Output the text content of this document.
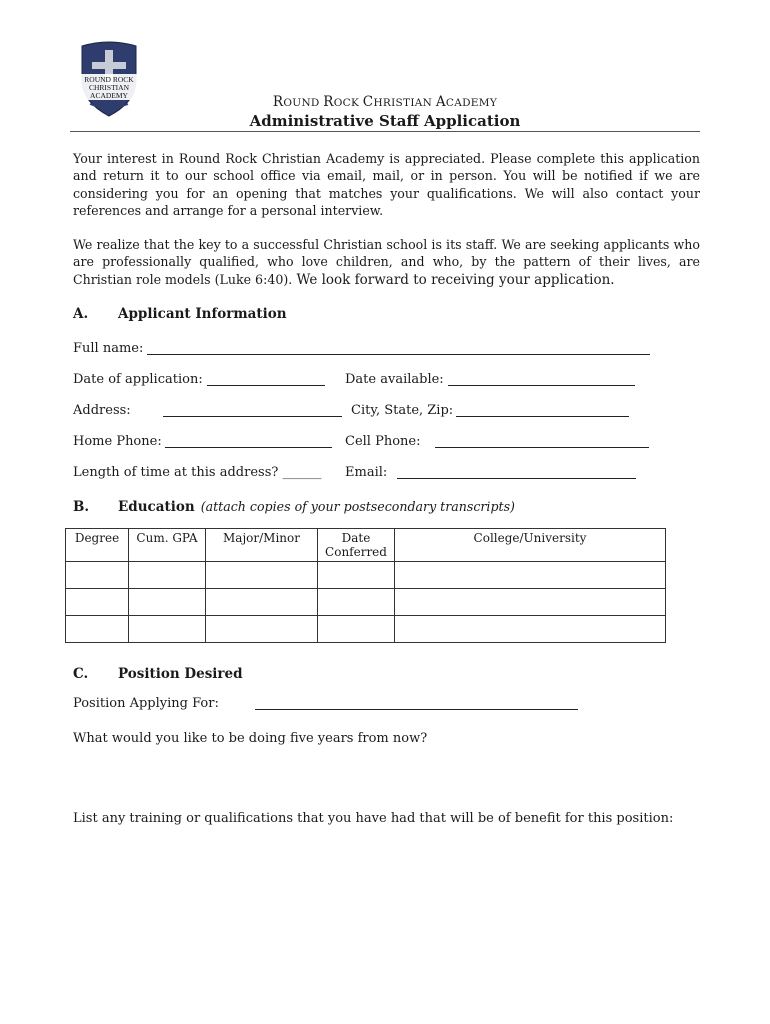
ROUND ROCK
CHRISTIAN
ACADEMY	ROUND ROCK CHRISTIAN ACADEMY
Administrative Staff Application

Your interest in Round Rock Christian Academy is appreciated. Please complete this application and return it to our school office via email, mail, or in person. You will be notified if we are considering you for an opening that matches your qualifications. We will also contact your references and arrange for a personal interview.

We realize that the key to a successful Christian school is its staff. We are seeking applicants who are professionally qualified, who love children, and who, by the pattern of their lives, are Christian role models (Luke 6:40). We look forward to receiving your application.

A. Applicant Information
Full name:
Date of application:	Date available:
Address:	City, State, Zip:
Home Phone:	Cell Phone:
Length of time at this address? ______ Email:
B. Education (attach copies of your postsecondary transcripts)
Degree	Cum. GPA	Major/Minor	Date Conferred	College/University

C. Position Desired
Position Applying For:
What would you like to be doing five years from now?
List any training or qualifications that you have had that will be of benefit for this position:
